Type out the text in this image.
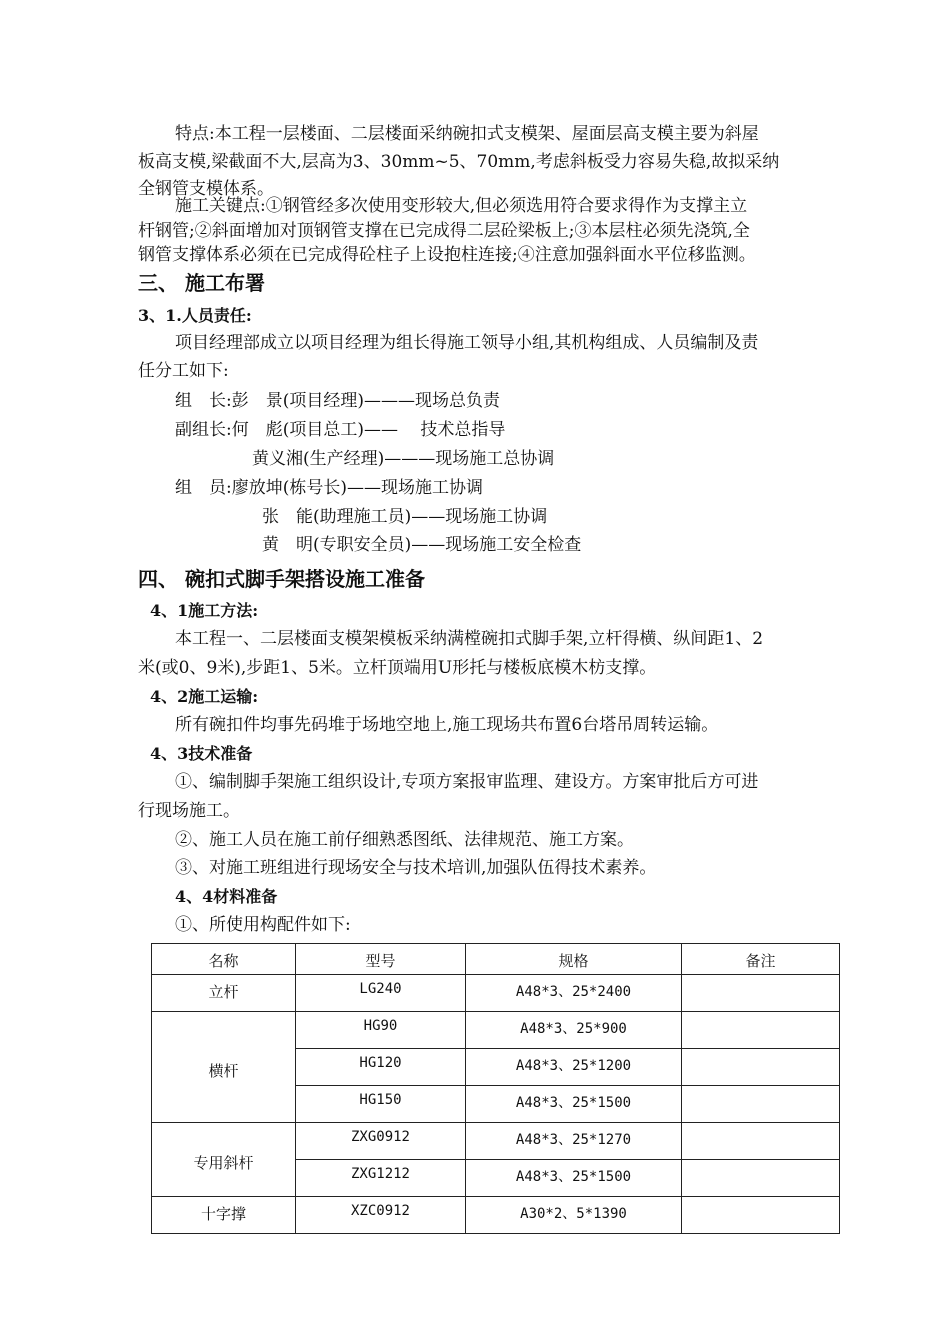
特点:本工程一层楼面、二层楼面采纳碗扣式支模架、屋面层高支模主要为斜屋
板高支模,梁截面不大,层高为3、30mm~5、70mm,考虑斜板受力容易失稳,故拟采纳
全钢管支模体系。
施工关键点:①钢管经多次使用变形较大,但必须选用符合要求得作为支撑主立
杆钢管;②斜面增加对顶钢管支撑在已完成得二层砼梁板上;③本层柱必须先浇筑,全
钢管支撑体系必须在已完成得砼柱子上设抱柱连接;④注意加强斜面水平位移监测。
三、 施工布署
3、1.人员责任:
项目经理部成立以项目经理为组长得施工领导小组,其机构组成、人员编制及责
任分工如下:
组　长:彭　景(项目经理)———现场总负责
副组长:何　彪(项目总工)——　 技术总指导
黄义湘(生产经理)———现场施工总协调
组　员:廖放坤(栋号长)——现场施工协调
张　能(助理施工员)——现场施工协调
黄　明(专职安全员)——现场施工安全检查
四、 碗扣式脚手架搭设施工准备
4、1施工方法:
本工程一、二层楼面支模架模板采纳满樘碗扣式脚手架,立杆得横、纵间距1、2
米(或0、9米),步距1、5米。立杆顶端用U形托与楼板底模木枋支撑。
4、2施工运输:
所有碗扣件均事先码堆于场地空地上,施工现场共布置6台塔吊周转运输。
4、3技术准备
①、编制脚手架施工组织设计,专项方案报审监理、建设方。方案审批后方可进
行现场施工。
②、施工人员在施工前仔细熟悉图纸、法律规范、施工方案。
③、对施工班组进行现场安全与技术培训,加强队伍得技术素养。
4、4材料准备
①、所使用构配件如下:
名称	型号	规格	备注
立杆	LG240	A48*3、25*2400	
横杆	HG90	A48*3、25*900	
	HG120	A48*3、25*1200	
	HG150	A48*3、25*1500	
专用斜杆	ZXG0912	A48*3、25*1270	
	ZXG1212	A48*3、25*1500	
十字撑	XZC0912	A30*2、5*1390	
